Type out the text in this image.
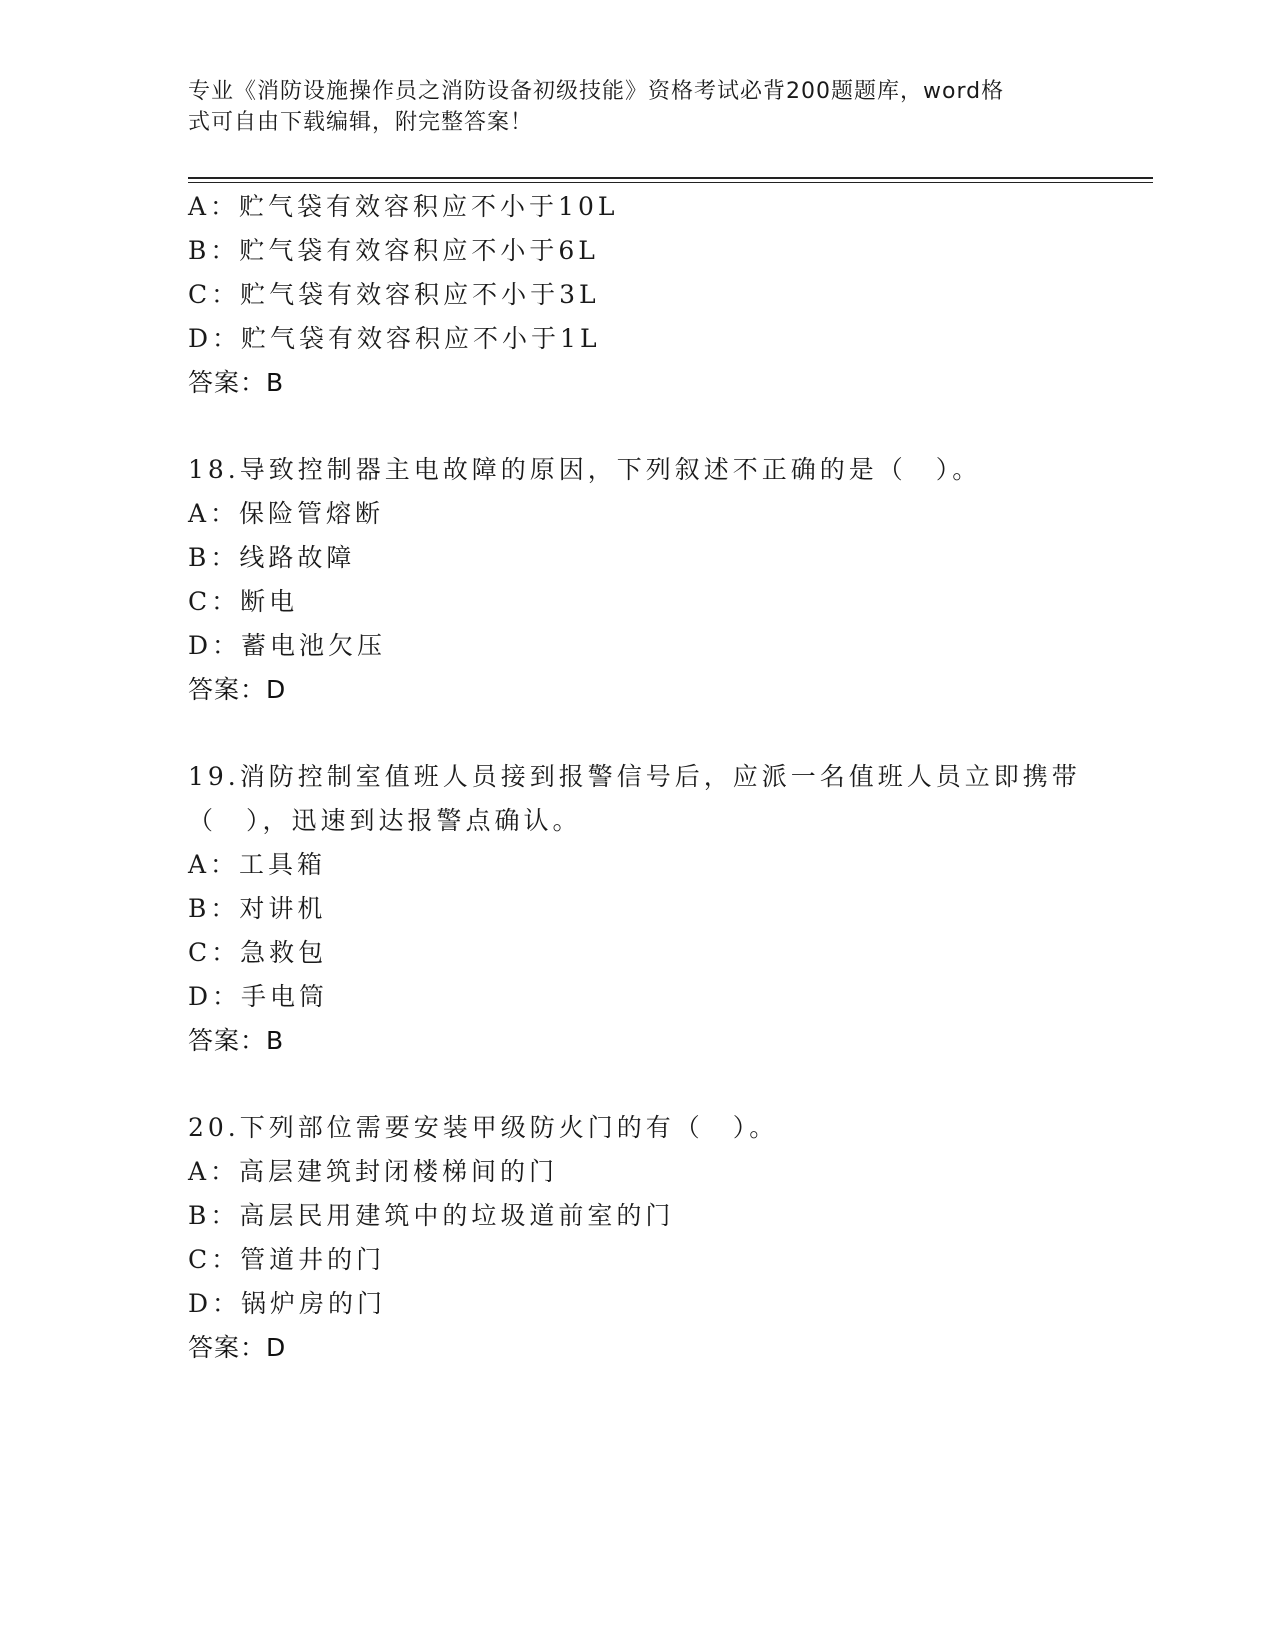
专业《消防设施操作员之消防设备初级技能》资格考试必背200题题库，word格
式可自由下载编辑，附完整答案！
A：贮气袋有效容积应不小于10L
B：贮气袋有效容积应不小于6L
C：贮气袋有效容积应不小于3L
D：贮气袋有效容积应不小于1L
答案：B
18.导致控制器主电故障的原因，下列叙述不正确的是（　）。
A：保险管熔断
B：线路故障
C：断电
D：蓄电池欠压
答案：D
19.消防控制室值班人员接到报警信号后，应派一名值班人员立即携带
（　），迅速到达报警点确认。
A：工具箱
B：对讲机
C：急救包
D：手电筒
答案：B
20.下列部位需要安装甲级防火门的有（　）。
A：高层建筑封闭楼梯间的门
B：高层民用建筑中的垃圾道前室的门
C：管道井的门
D：锅炉房的门
答案：D
